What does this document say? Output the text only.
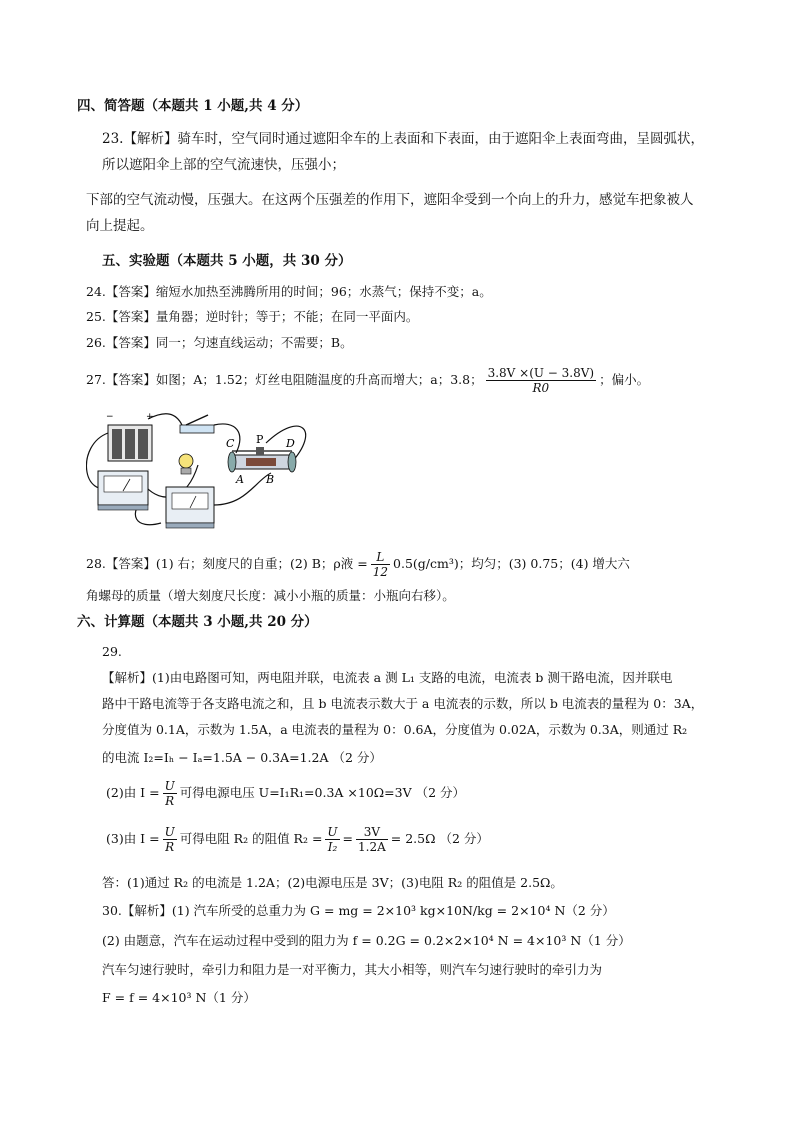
四、简答题（本题共 1 小题,共 4 分）
23.【解析】骑车时，空气同时通过遮阳伞车的上表面和下表面，由于遮阳伞上表面弯曲，呈圆弧状，
所以遮阳伞上部的空气流速快，压强小；
下部的空气流动慢，压强大。在这两个压强差的作用下，遮阳伞受到一个向上的升力，感觉车把象被人
向上提起。
五、实验题（本题共 5 小题，共 30 分）
24.【答案】缩短水加热至沸腾所用的时间；96；水蒸气；保持不变；a。
25.【答案】量角器；逆时针；等于；不能；在同一平面内。
26.【答案】同一；匀速直线运动；不需要；B。
27.【答案】如图；A；1.52；灯丝电阻随温度的升高而增大；a；3.8； $\frac{3.8V \times(U - 3.8V)}{R0}$ ；偏小。
−	+
C P D
A B
28.【答案】(1) 右；刻度尺的自重；(2) B；ρ液 = $\frac{L}{12} 0.5(g/cm^3)$；均匀；(3) 0.75；(4) 增大六
角螺母的质量（增大刻度尺长度：减小小瓶的质量：小瓶向右移）。
六、计算题（本题共 3 小题,共 20 分）
29.
【解析】(1)由电路图可知，两电阻并联，电流表 a 测 L₁ 支路的电流，电流表 b 测干路电流，因并联电
路中干路电流等于各支路电流之和，且 b 电流表示数大于 a 电流表的示数，所以 b 电流表的量程为 0：3A，
分度值为 0.1A，示数为 1.5A，a 电流表的量程为 0：0.6A，分度值为 0.02A，示数为 0.3A，则通过 R₂
的电流 I₂=Iₕ − Iₐ=1.5A − 0.3A=1.2A （2 分）
(2)由 $I = \frac{U}{R}$ 可得电源电压 U=I₁R₁=0.3A ×10Ω=3V （2 分）
(3)由 $I = \frac{U}{R}$ 可得电阻 R₂ 的阻值 $R_2 = \frac{U}{\text{I₂}} = \frac{3V}{1.2A} = 2.5\Omega$ （2 分）
答：(1)通过 R₂ 的电流是 1.2A；(2)电源电压是 3V；(3)电阻 R₂ 的阻值是 2.5Ω。
30.【解析】(1) 汽车所受的总重力为 G = mg = 2×10³ kg×10N/kg = 2×10⁴ N（2 分）
(2) 由题意，汽车在运动过程中受到的阻力为 f = 0.2G = 0.2×2×10⁴ N = 4×10³ N（1 分）
汽车匀速行驶时，牵引力和阻力是一对平衡力，其大小相等，则汽车匀速行驶时的牵引力为
F = f = 4×10³ N（1 分）
